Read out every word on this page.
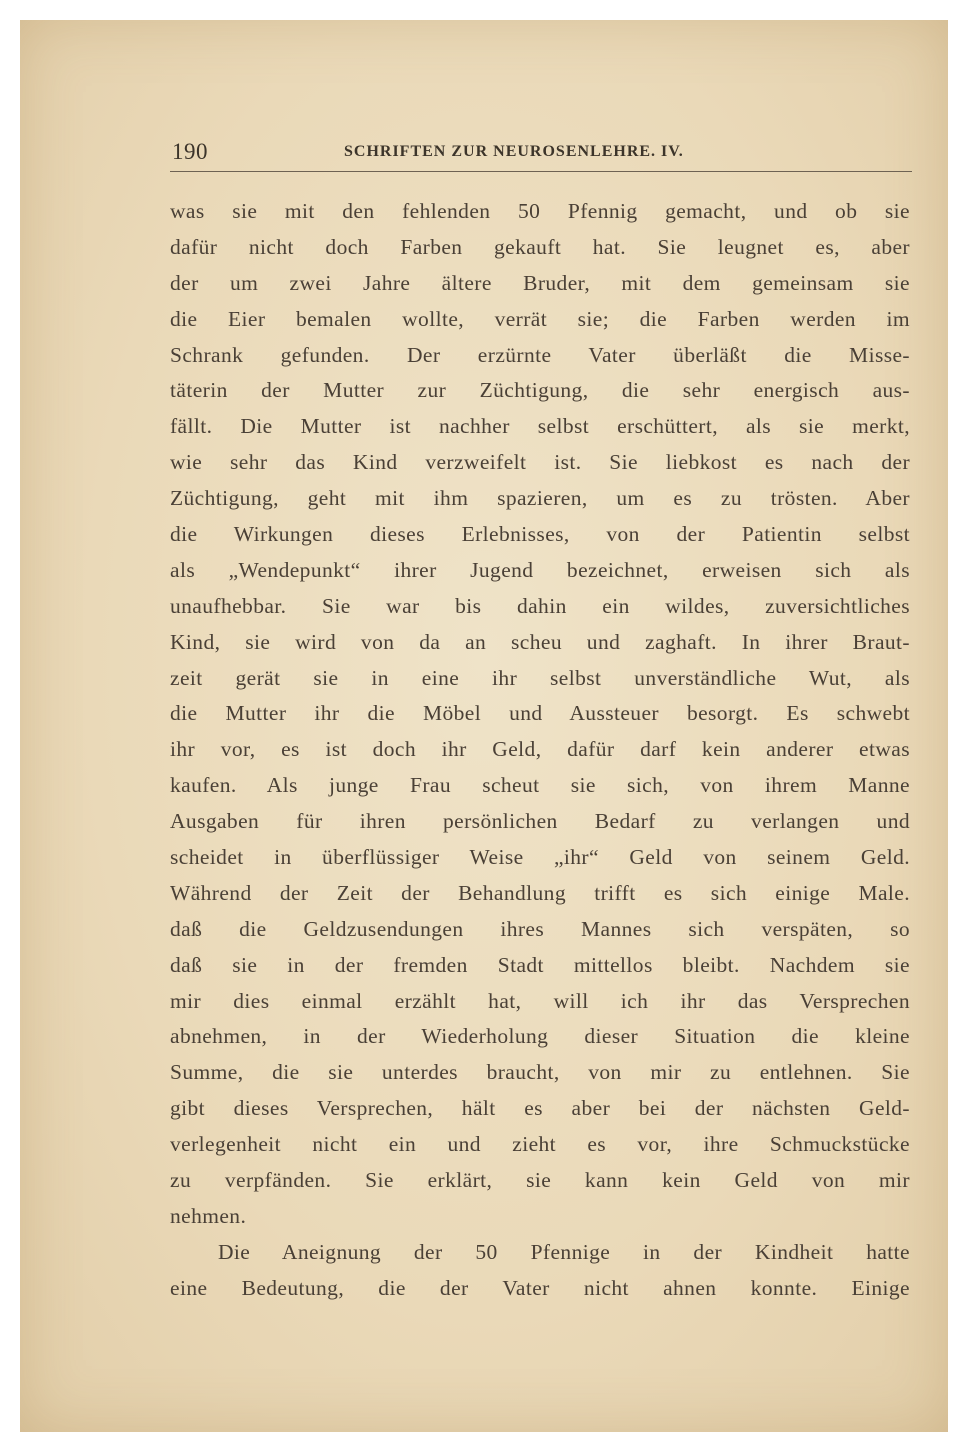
190	SCHRIFTEN ZUR NEUROSENLEHRE. IV.
was sie mit den fehlenden 50 Pfennig gemacht, und ob sie
dafür nicht doch Farben gekauft hat. Sie leugnet es, aber
der um zwei Jahre ältere Bruder, mit dem gemeinsam sie
die Eier bemalen wollte, verrät sie; die Farben werden im
Schrank gefunden. Der erzürnte Vater überläßt die Misse-
täterin der Mutter zur Züchtigung, die sehr energisch aus-
fällt. Die Mutter ist nachher selbst erschüttert, als sie merkt,
wie sehr das Kind verzweifelt ist. Sie liebkost es nach der
Züchtigung, geht mit ihm spazieren, um es zu trösten. Aber
die Wirkungen dieses Erlebnisses, von der Patientin selbst
als „Wendepunkt“ ihrer Jugend bezeichnet, erweisen sich als
unaufhebbar. Sie war bis dahin ein wildes, zuversichtliches
Kind, sie wird von da an scheu und zaghaft. In ihrer Braut-
zeit gerät sie in eine ihr selbst unverständliche Wut, als
die Mutter ihr die Möbel und Aussteuer besorgt. Es schwebt
ihr vor, es ist doch ihr Geld, dafür darf kein anderer etwas
kaufen. Als junge Frau scheut sie sich, von ihrem Manne
Ausgaben für ihren persönlichen Bedarf zu verlangen und
scheidet in überflüssiger Weise „ihr“ Geld von seinem Geld.
Während der Zeit der Behandlung trifft es sich einige Male.
daß die Geldzusendungen ihres Mannes sich verspäten, so
daß sie in der fremden Stadt mittellos bleibt. Nachdem sie
mir dies einmal erzählt hat, will ich ihr das Versprechen
abnehmen, in der Wiederholung dieser Situation die kleine
Summe, die sie unterdes braucht, von mir zu entlehnen. Sie
gibt dieses Versprechen, hält es aber bei der nächsten Geld-
verlegenheit nicht ein und zieht es vor, ihre Schmuckstücke
zu verpfänden. Sie erklärt, sie kann kein Geld von mir
nehmen.
Die Aneignung der 50 Pfennige in der Kindheit hatte
eine Bedeutung, die der Vater nicht ahnen konnte. Einige
